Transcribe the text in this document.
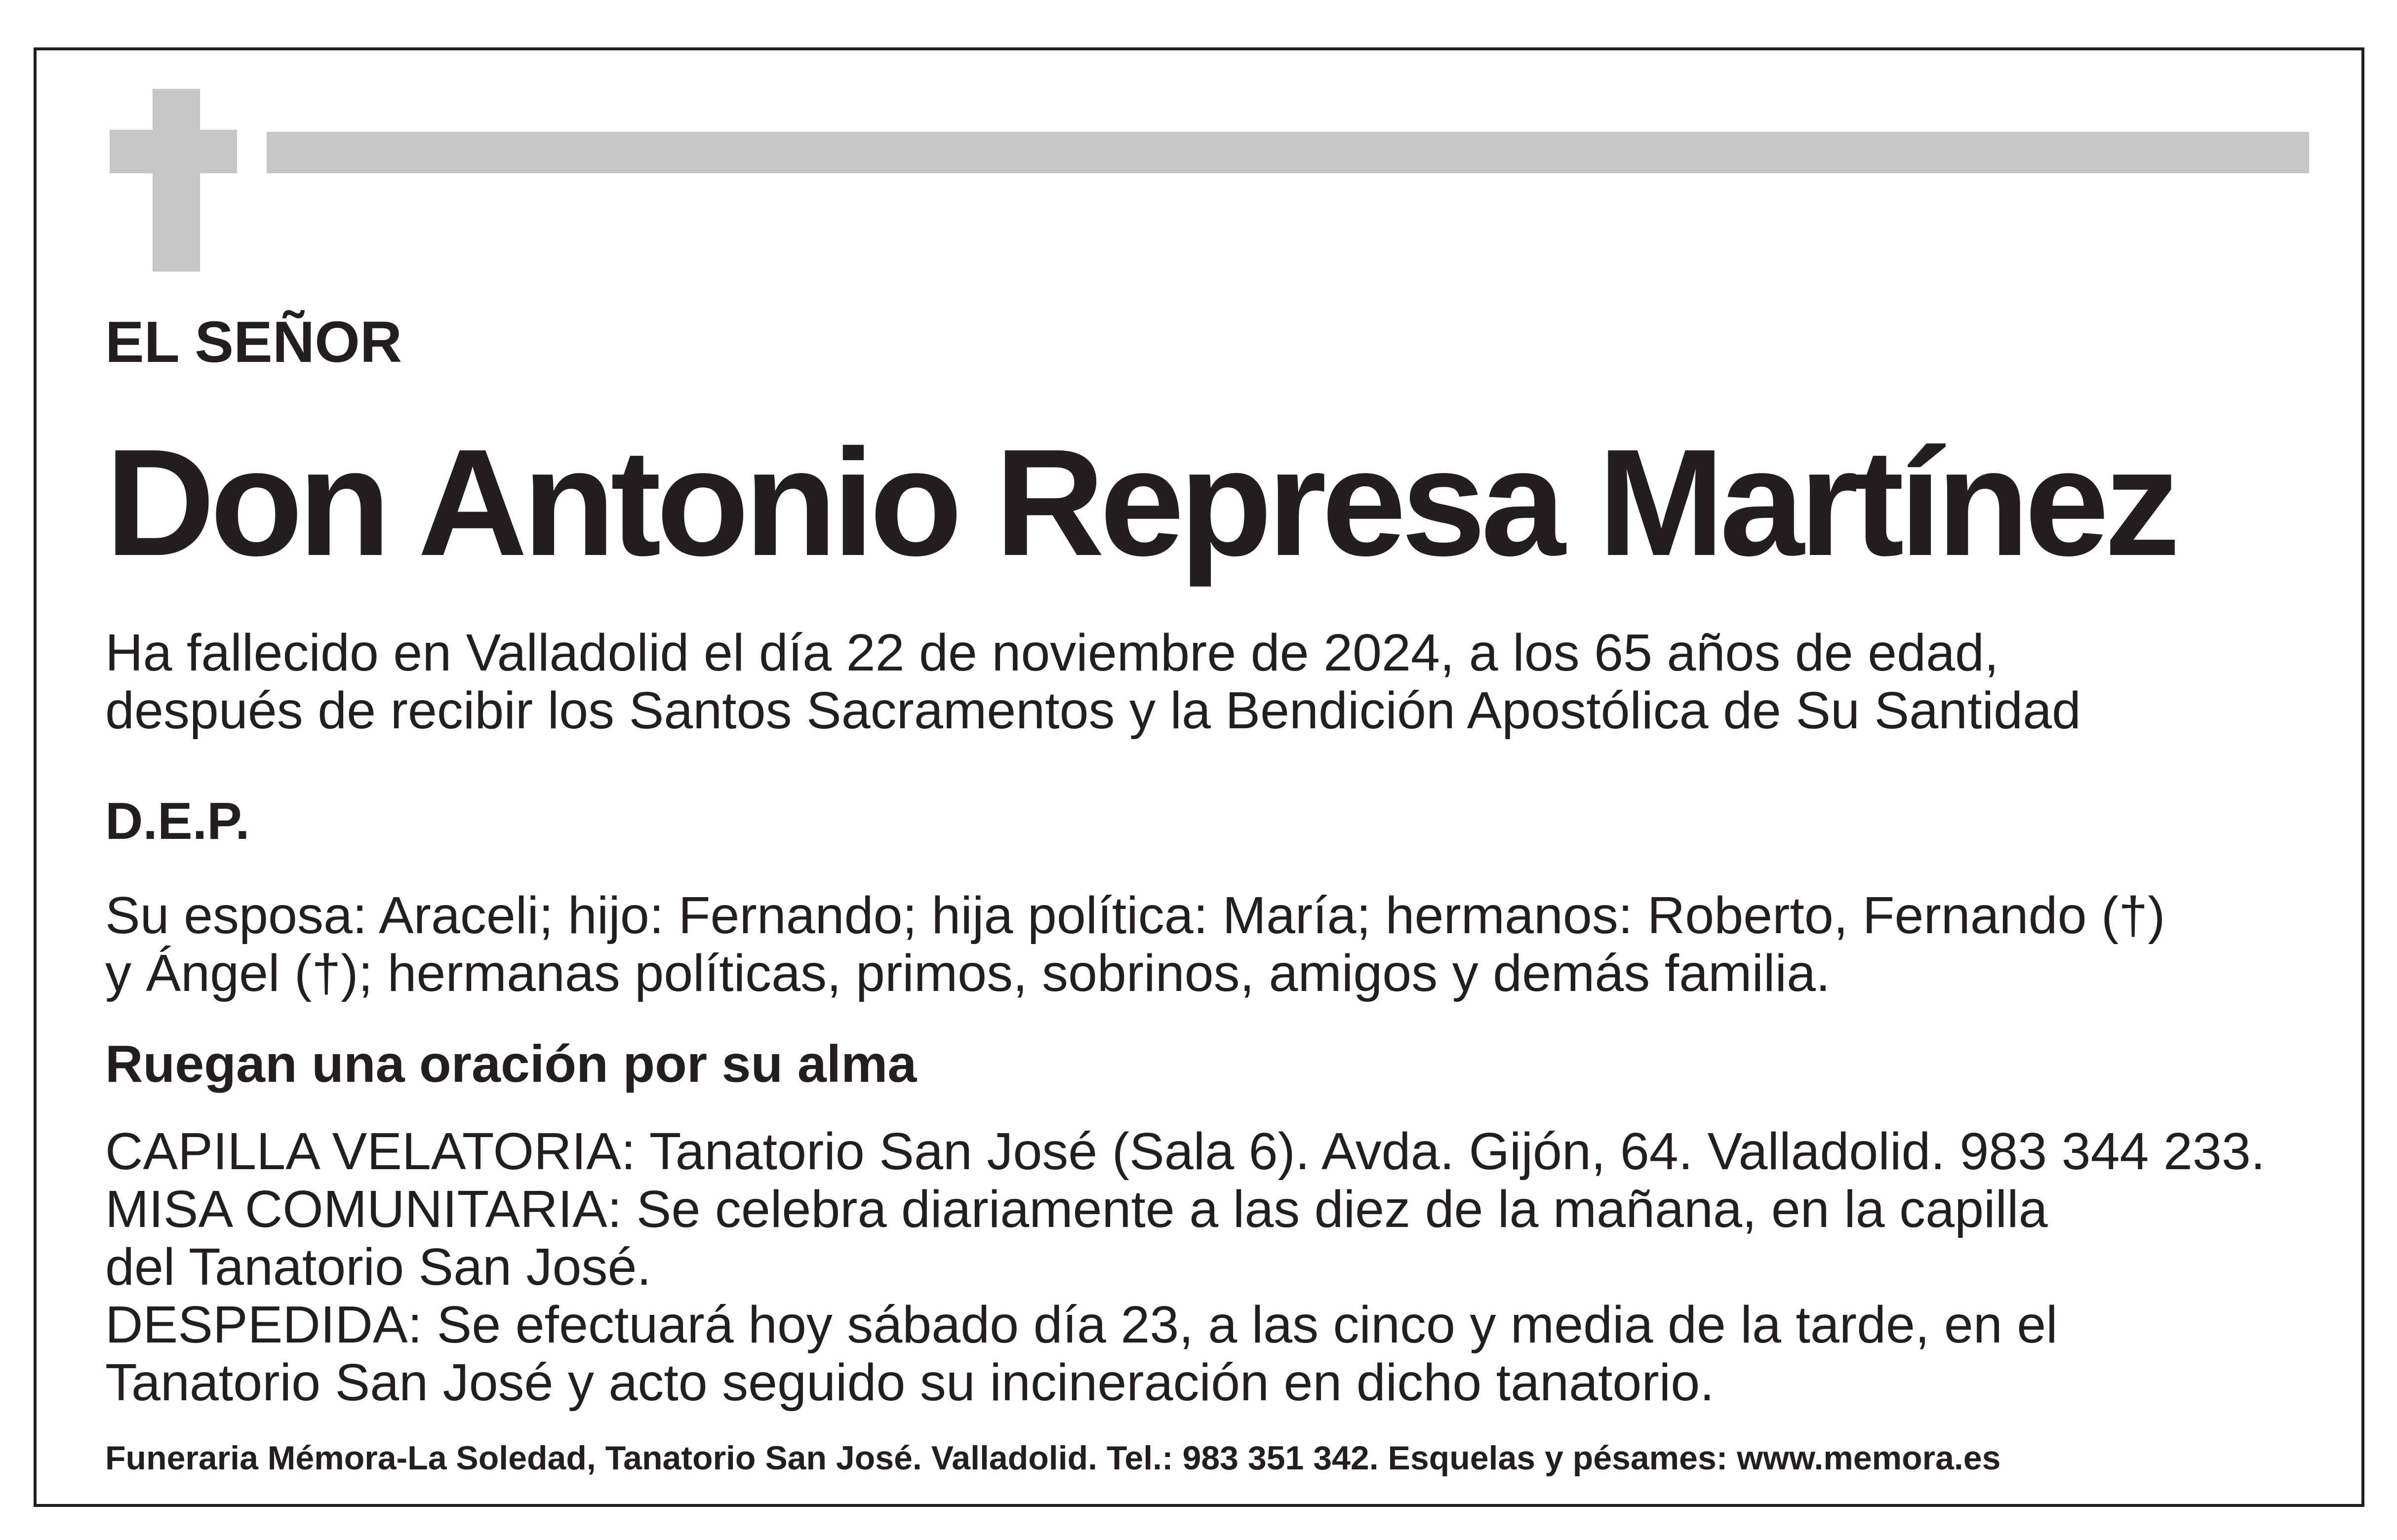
EL SEÑOR

Don Antonio Represa Martínez

Ha fallecido en Valladolid el día 22 de noviembre de 2024, a los 65 años de edad,
después de recibir los Santos Sacramentos y la Bendición Apostólica de Su Santidad

D.E.P.

Su esposa: Araceli; hijo: Fernando; hija política: María; hermanos: Roberto, Fernando (†)
y Ángel (†); hermanas políticas, primos, sobrinos, amigos y demás familia.

Ruegan una oración por su alma

CAPILLA VELATORIA: Tanatorio San José (Sala 6). Avda. Gijón, 64. Valladolid. 983 344 233.
MISA COMUNITARIA: Se celebra diariamente a las diez de la mañana, en la capilla
del Tanatorio San José.
DESPEDIDA: Se efectuará hoy sábado día 23, a las cinco y media de la tarde, en el
Tanatorio San José y acto seguido su incineración en dicho tanatorio.

Funeraria Mémora-La Soledad, Tanatorio San José. Valladolid. Tel.: 983 351 342. Esquelas y pésames: www.memora.es
